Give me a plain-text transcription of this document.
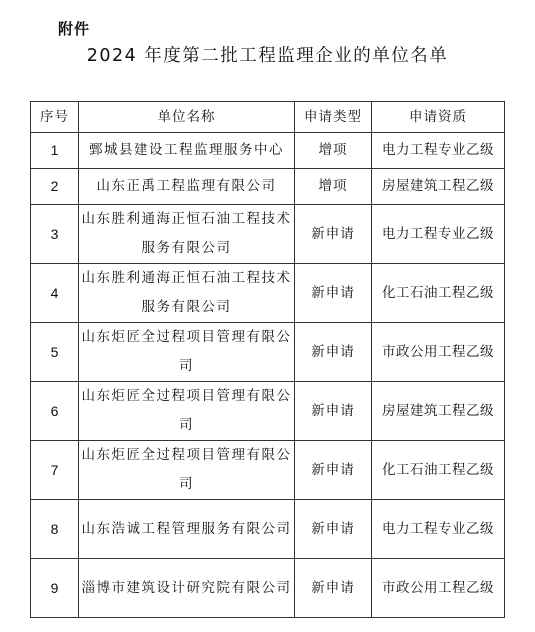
附件
2024 年度第二批工程监理企业的单位名单
序号	单位名称	申请类型	申请资质
1	鄄城县建设工程监理服务中心	增项	电力工程专业乙级
2	山东正禹工程监理有限公司	增项	房屋建筑工程乙级
3	山东胜利通海正恒石油工程技术服务有限公司	新申请	电力工程专业乙级
4	山东胜利通海正恒石油工程技术服务有限公司	新申请	化工石油工程乙级
5	山东炬匠全过程项目管理有限公司	新申请	市政公用工程乙级
6	山东炬匠全过程项目管理有限公司	新申请	房屋建筑工程乙级
7	山东炬匠全过程项目管理有限公司	新申请	化工石油工程乙级
8	山东浩诚工程管理服务有限公司	新申请	电力工程专业乙级
9	淄博市建筑设计研究院有限公司	新申请	市政公用工程乙级
